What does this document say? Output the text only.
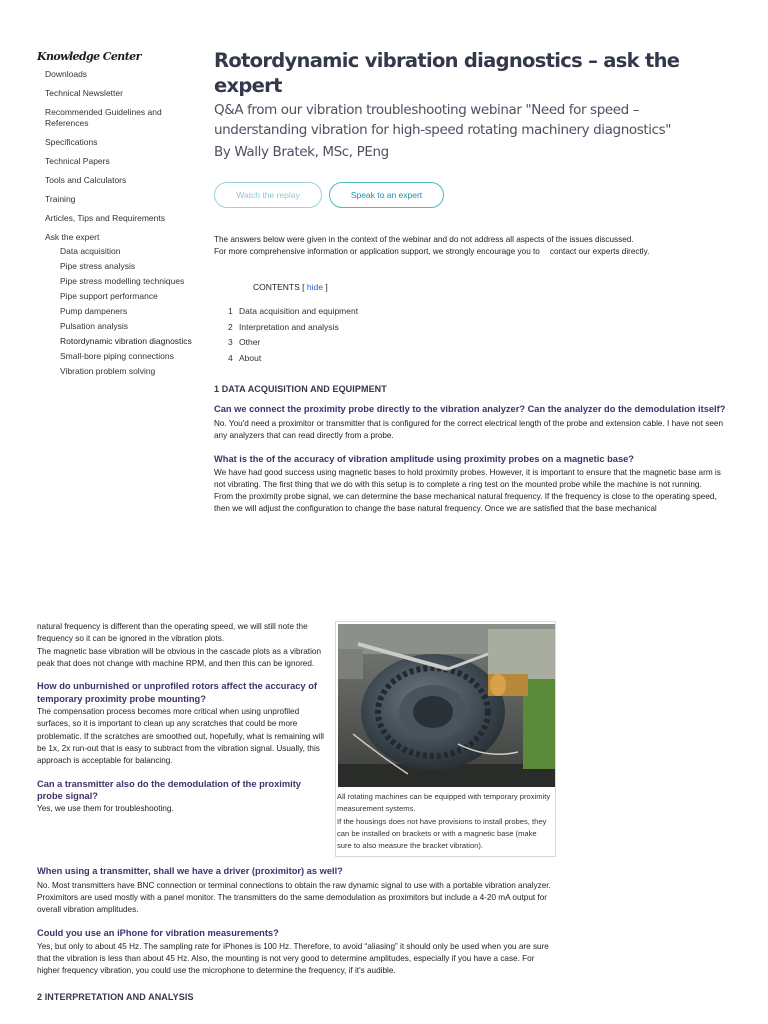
Knowledge Center
Downloads
Technical Newsletter
Recommended Guidelines and References
Specifications
Technical Papers
Tools and Calculators
Training
Articles, Tips and Requirements
Ask the expert
Data acquisition
Pipe stress analysis
Pipe stress modelling techniques
Pipe support performance
Pump dampeners
Pulsation analysis
Rotordynamic vibration diagnostics
Small-bore piping connections
Vibration problem solving
Rotordynamic vibration diagnostics – ask the expert
Q&A from our vibration troubleshooting webinar "Need for speed – understanding vibration for high-speed rotating machinery diagnostics"
By Wally Bratek, MSc, PEng
Watch the replay	Speak to an expert
The answers below were given in the context of the webinar and do not address all aspects of the issues discussed.
For more comprehensive information or application support, we strongly encourage you to contact our experts directly.
CONTENTS [ hide ]
1 Data acquisition and equipment
2 Interpretation and analysis
3 Other
4 About
1 DATA ACQUISITION AND EQUIPMENT
Can we connect the proximity probe directly to the vibration analyzer? Can the analyzer do the demodulation itself?
No. You'd need a proximitor or transmitter that is configured for the correct electrical length of the probe and extension cable. I have not seen any analyzers that can read directly from a probe.
What is the of the accuracy of vibration amplitude using proximity probes on a magnetic base?
We have had good success using magnetic bases to hold proximity probes. However, it is important to ensure that the magnetic base arm is not vibrating. The first thing that we do with this setup is to complete a ring test on the mounted probe while the machine is not running.
From the proximity probe signal, we can determine the base mechanical natural frequency. If the frequency is close to the operating speed, then we will adjust the configuration to change the base natural frequency. Once we are satisfied that the base mechanical
natural frequency is different than the operating speed, we will still note the frequency so it can be ignored in the vibration plots.
The magnetic base vibration will be obvious in the cascade plots as a vibration peak that does not change with machine RPM, and then this can be ignored.
How do unburnished or unprofiled rotors affect the accuracy of temporary proximity probe mounting?
The compensation process becomes more critical when using unprofiled surfaces, so it is important to clean up any scratches that could be more problematic. If the scratches are smoothed out, hopefully, what is remaining will be 1x, 2x run-out that is easy to subtract from the vibration signal. Usually, this approach is acceptable for balancing.
Can a transmitter also do the demodulation of the proximity probe signal?
Yes, we use them for troubleshooting.
All rotating machines can be equipped with temporary proximity measurement systems.
If the housings does not have provisions to install probes, they can be installed on brackets or with a magnetic base (make sure to also measure the bracket vibration).
When using a transmitter, shall we have a driver (proximitor) as well?
No. Most transmitters have BNC connection or terminal connections to obtain the raw dynamic signal to use with a portable vibration analyzer. Proximitors are used mostly with a panel monitor. The transmitters do the same demodulation as proximitors but include a 4-20 mA output for overall vibration amplitudes.
Could you use an iPhone for vibration measurements?
Yes, but only to about 45 Hz. The sampling rate for iPhones is 100 Hz. Therefore, to avoid “aliasing” it should only be used when you are sure that the vibration is less than about 45 Hz. Also, the mounting is not very good to determine amplitudes, especially if you have a case. For higher frequency vibration, you could use the microphone to determine the frequency, if it's audible.
2 INTERPRETATION AND ANALYSIS
